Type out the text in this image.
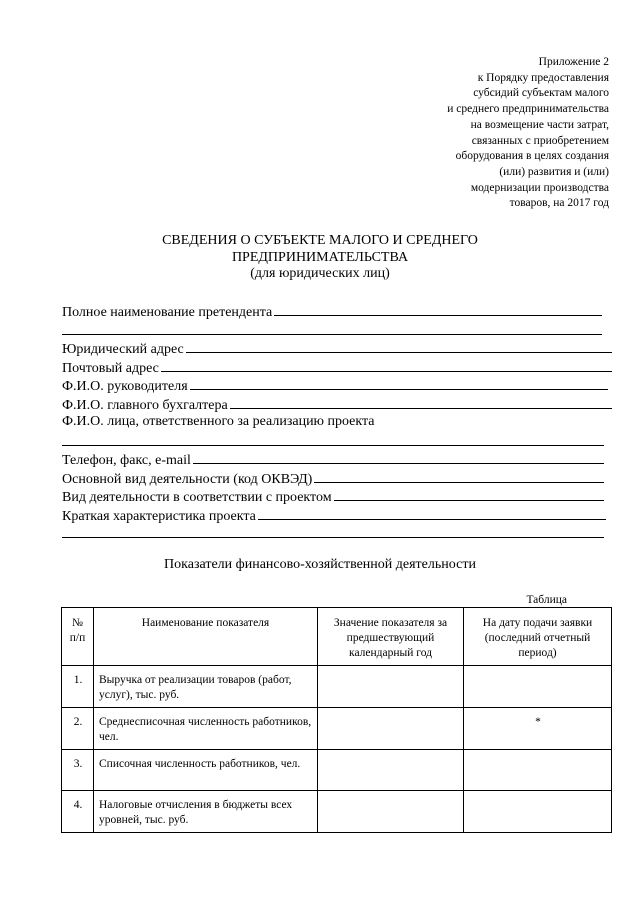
Приложение 2
к Порядку предоставления
субсидий субъектам малого
и среднего предпринимательства
на возмещение части затрат,
связанных с приобретением
оборудования в целях создания
(или) развития и (или)
модернизации производства
товаров, на 2017 год
СВЕДЕНИЯ О СУБЪЕКТЕ МАЛОГО И СРЕДНЕГО
ПРЕДПРИНИМАТЕЛЬСТВА
(для юридических лиц)
Полное наименование претендента
Юридический адрес
Почтовый адрес
Ф.И.О. руководителя
Ф.И.О. главного бухгалтера
Ф.И.О. лица, ответственного за реализацию проекта
Телефон, факс, e-mail
Основной вид деятельности (код ОКВЭД)
Вид деятельности в соответствии с проектом
Краткая характеристика проекта
Показатели финансово-хозяйственной деятельности
Таблица
№ п/п	Наименование показателя	Значение показателя за предшествующий календарный год	На дату подачи заявки (последний отчетный период)
1.	Выручка от реализации товаров (работ, услуг), тыс. руб.		
2.	Среднесписочная численность работников, чел.		*
3.	Списочная численность работников, чел.		
4.	Налоговые отчисления в бюджеты всех уровней, тыс. руб.		
